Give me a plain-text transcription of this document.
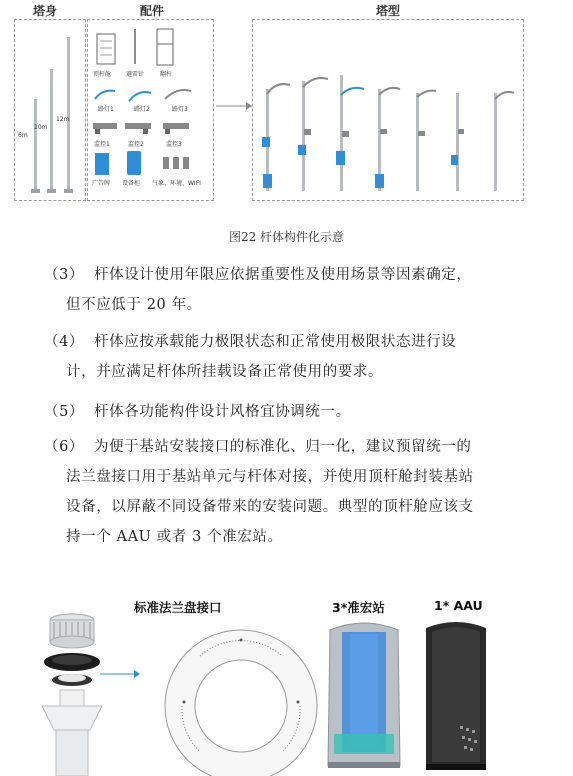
塔身	配件	塔型
6m
10m
12m
顶杆舱 避雷针	翻杆
路灯1	路灯2	路灯3
监控1	监控2	监控3
广告牌 设备柜 气象、环境、WIFI
图22 杆体构件化示意
（3） 杆体设计使用年限应依据重要性及使用场景等因素确定，
但不应低于 20 年。
（4） 杆体应按承载能力极限状态和正常使用极限状态进行设
计，并应满足杆体所挂载设备正常使用的要求。
（5） 杆体各功能构件设计风格宜协调统一。
（6） 为便于基站安装接口的标准化、归一化，建议预留统一的
法兰盘接口用于基站单元与杆体对接，并使用顶杆舱封装基站
设备，以屏蔽不同设备带来的安装问题。典型的顶杆舱应该支
持一个 AAU 或者 3 个准宏站。
标准法兰盘接口	3*准宏站	1* AAU
